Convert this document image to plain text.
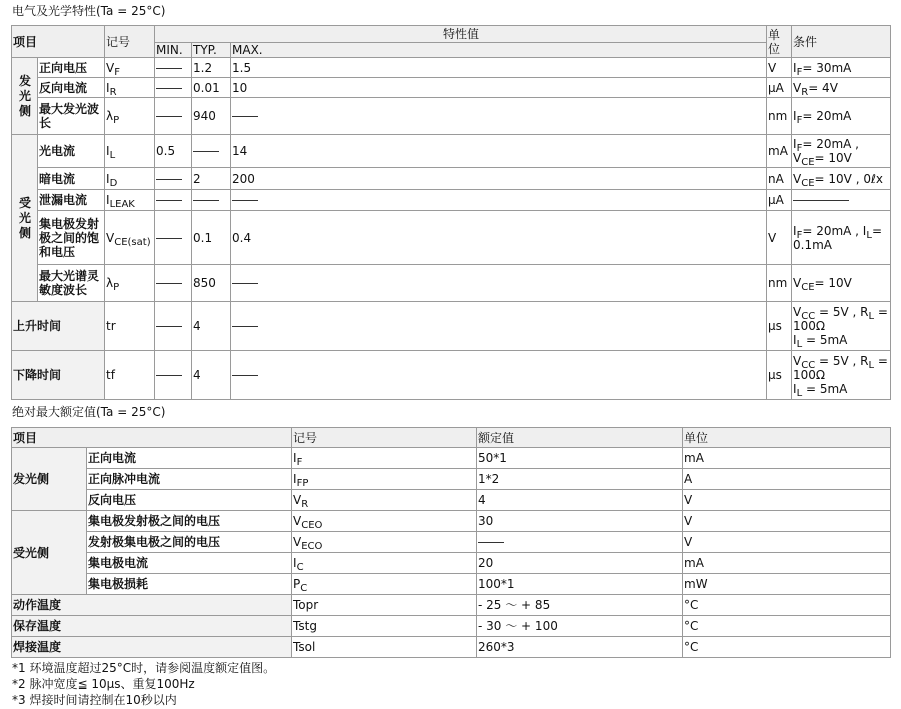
电气及光学特性(Ta = 25°C)
项目		记号	特性值			单位	条件
			MIN.	TYP.	MAX.		
发光侧	正向电压	$V_F$		1.2	1.5	V	$I_F= 30mA$
	反向电流	$I_R$		0.01	10	μA	$V_R= 4V$
	最大发光波长	$\lambda_P$		940		nm	$I_F= 20mA$
受光侧	光电流	$I_L$	0.5		14	mA	$I_F= 20mA$ ,
$V_{CE}= 10V$
	暗电流	$I_D$		2	200	nA	$V_{CE}= 10V$ , 0ℓx
	泄漏电流	$I_{LEAK}$				μA	
	集电极发射极之间的饱和电压	$V_{CE(sat)}$		0.1	0.4	V	$I_F= 20mA$ , $I_L=$
0.1mA
	最大光谱灵敏度波长	$\lambda_P$		850		nm	$V_{CE}= 10V$
上升时间		tr		4		μs	$V_{CC} = 5V$ , $R_L$ =
100Ω
$I_L = 5mA$
下降时间		tf		4		μs	$V_{CC} = 5V$ , $R_L$ =
100Ω
$I_L = 5mA$
绝对最大额定值(Ta = 25°C)
项目		记号	额定值	单位
发光侧	正向电流	$I_F$	50*1	mA
	正向脉冲电流	$I_{FP}$	1*2	A
	反向电压	$V_R$	4	V
受光侧	集电极发射极之间的电压	$V_{CEO}$	30	V
	发射极集电极之间的电压	$V_{ECO}$		V
	集电极电流	$I_C$	20	mA
	集电极损耗	$P_C$	100*1	mW
动作温度		Topr	- 25 ～ + 85	°C
保存温度		Tstg	- 30 ～ + 100	°C
焊接温度		Tsol	260*3	°C
*1 环境温度超过25°C时，请参阅温度额定值图。
*2 脉冲宽度≦ 10μs、重复100Hz
*3 焊接时间请控制在10秒以内
